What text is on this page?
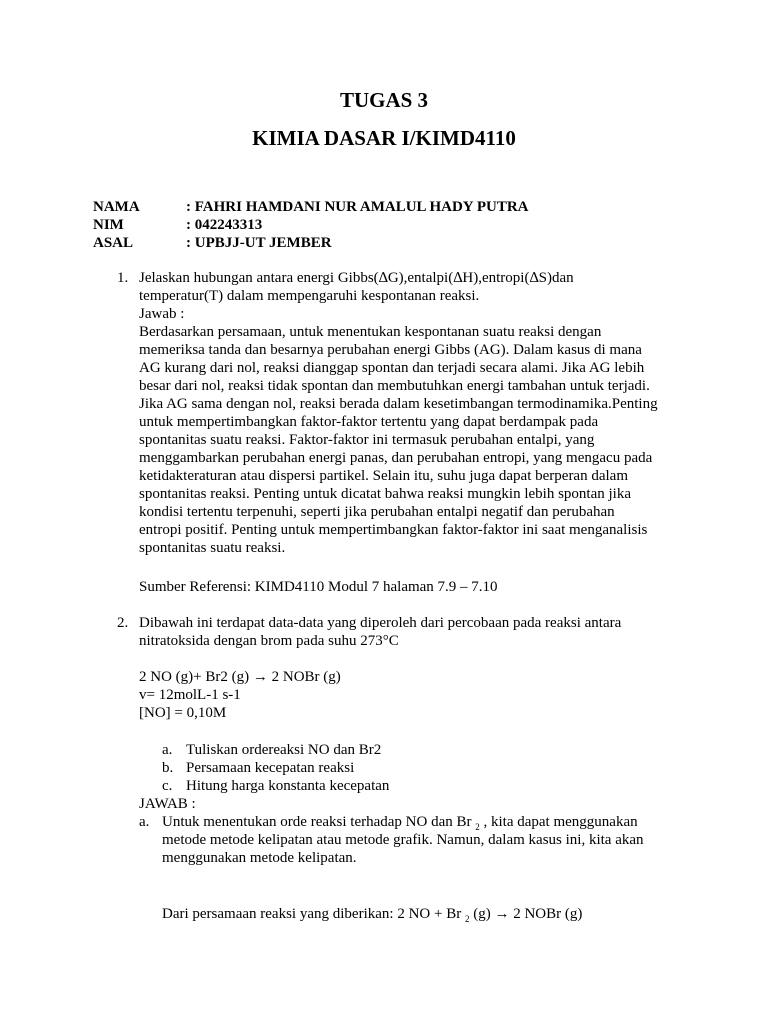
TUGAS 3
KIMIA DASAR I/KIMD4110
NAMA	: FAHRI HAMDANI NUR AMALUL HADY PUTRA
NIM	: 042243313
ASAL	: UPBJJ-UT JEMBER
1. Jelaskan hubungan antara energi Gibbs(∆G),entalpi(∆H),entropi(∆S)dan
temperatur(T) dalam mempengaruhi kespontanan reaksi.
Jawab :
Berdasarkan persamaan, untuk menentukan kespontanan suatu reaksi dengan
memeriksa tanda dan besarnya perubahan energi Gibbs (AG). Dalam kasus di mana
AG kurang dari nol, reaksi dianggap spontan dan terjadi secara alami. Jika AG lebih
besar dari nol, reaksi tidak spontan dan membutuhkan energi tambahan untuk terjadi.
Jika AG sama dengan nol, reaksi berada dalam kesetimbangan termodinamika.Penting
untuk mempertimbangkan faktor-faktor tertentu yang dapat berdampak pada
spontanitas suatu reaksi. Faktor-faktor ini termasuk perubahan entalpi, yang
menggambarkan perubahan energi panas, dan perubahan entropi, yang mengacu pada
ketidakteraturan atau dispersi partikel. Selain itu, suhu juga dapat berperan dalam
spontanitas reaksi. Penting untuk dicatat bahwa reaksi mungkin lebih spontan jika
kondisi tertentu terpenuhi, seperti jika perubahan entalpi negatif dan perubahan
entropi positif. Penting untuk mempertimbangkan faktor-faktor ini saat menganalisis
spontanitas suatu reaksi.
Sumber Referensi: KIMD4110 Modul 7 halaman 7.9 – 7.10
2. Dibawah ini terdapat data-data yang diperoleh dari percobaan pada reaksi antara
nitratoksida dengan brom pada suhu 273°C
2 NO (g)+ Br2 (g) → 2 NOBr (g)
v= 12molL-1 s-1
[NO] = 0,10M
a. Tuliskan ordereaksi NO dan Br2
b. Persamaan kecepatan reaksi
c. Hitung harga konstanta kecepatan
JAWAB :
a. Untuk menentukan orde reaksi terhadap NO dan Br $_2$ , kita dapat menggunakan
metode metode kelipatan atau metode grafik. Namun, dalam kasus ini, kita akan
menggunakan metode kelipatan.
Dari persamaan reaksi yang diberikan: 2 NO + Br $_2$ (g) → 2 NOBr (g)
